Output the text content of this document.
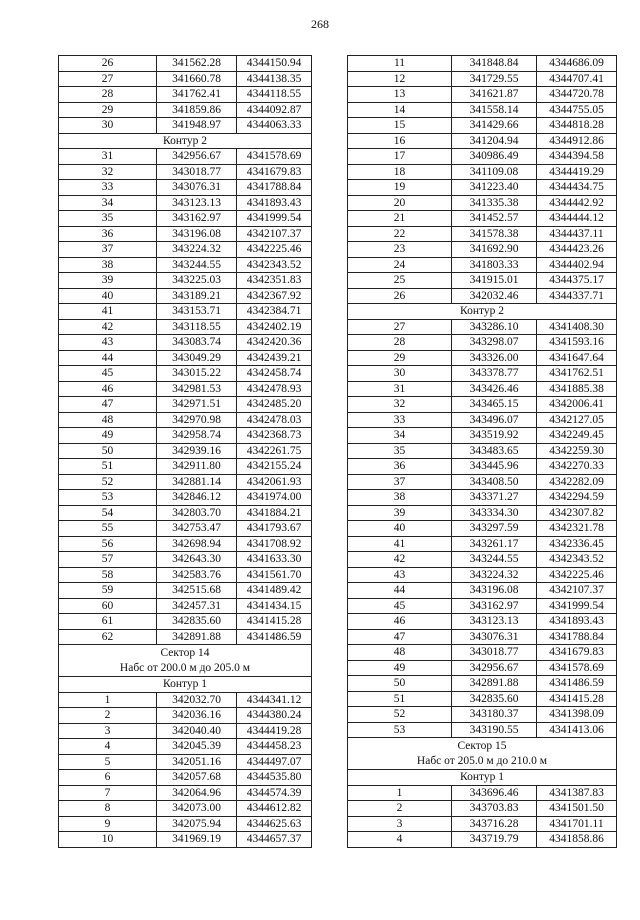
268
26	341562.28	4344150.94
27	341660.78	4344138.35
28	341762.41	4344118.55
29	341859.86	4344092.87
30	341948.97	4344063.33
Контур 2		
31	342956.67	4341578.69
32	343018.77	4341679.83
33	343076.31	4341788.84
34	343123.13	4341893.43
35	343162.97	4341999.54
36	343196.08	4342107.37
37	343224.32	4342225.46
38	343244.55	4342343.52
39	343225.03	4342351.83
40	343189.21	4342367.92
41	343153.71	4342384.71
42	343118.55	4342402.19
43	343083.74	4342420.36
44	343049.29	4342439.21
45	343015.22	4342458.74
46	342981.53	4342478.93
47	342971.51	4342485.20
48	342970.98	4342478.03
49	342958.74	4342368.73
50	342939.16	4342261.75
51	342911.80	4342155.24
52	342881.14	4342061.93
53	342846.12	4341974.00
54	342803.70	4341884.21
55	342753.47	4341793.67
56	342698.94	4341708.92
57	342643.30	4341633.30
58	342583.76	4341561.70
59	342515.68	4341489.42
60	342457.31	4341434.15
61	342835.60	4341415.28
62	342891.88	4341486.59

Сектор 14
Набс от 200.0 м до 205.0 м		

Контур 1		
1	342032.70	4344341.12
2	342036.16	4344380.24
3	342040.40	4344419.28
4	342045.39	4344458.23
5	342051.16	4344497.07
6	342057.68	4344535.80
7	342064.96	4344574.39
8	342073.00	4344612.82
9	342075.94	4344625.63
10	341969.19	4344657.37
11	341848.84	4344686.09
12	341729.55	4344707.41
13	341621.87	4344720.78
14	341558.14	4344755.05
15	341429.66	4344818.28
16	341204.94	4344912.86
17	340986.49	4344394.58
18	341109.08	4344419.29
19	341223.40	4344434.75
20	341335.38	4344442.92
21	341452.57	4344444.12
22	341578.38	4344437.11
23	341692.90	4344423.26
24	341803.33	4344402.94
25	341915.01	4344375.17
26	342032.46	4344337.71
Контур 2		
27	343286.10	4341408.30
28	343298.07	4341593.16
29	343326.00	4341647.64
30	343378.77	4341762.51
31	343426.46	4341885.38
32	343465.15	4342006.41
33	343496.07	4342127.05
34	343519.92	4342249.45
35	343483.65	4342259.30
36	343445.96	4342270.33
37	343408.50	4342282.09
38	343371.27	4342294.59
39	343334.30	4342307.82
40	343297.59	4342321.78
41	343261.17	4342336.45
42	343244.55	4342343.52
43	343224.32	4342225.46
44	343196.08	4342107.37
45	343162.97	4341999.54
46	343123.13	4341893.43
47	343076.31	4341788.84
48	343018.77	4341679.83
49	342956.67	4341578.69
50	342891.88	4341486.59
51	342835.60	4341415.28
52	343180.37	4341398.09
53	343190.55	4341413.06

Сектор 15
Набс от 205.0 м до 210.0 м		

Контур 1		
1	343696.46	4341387.83
2	343703.83	4341501.50
3	343716.28	4341701.11
4	343719.79	4341858.86
